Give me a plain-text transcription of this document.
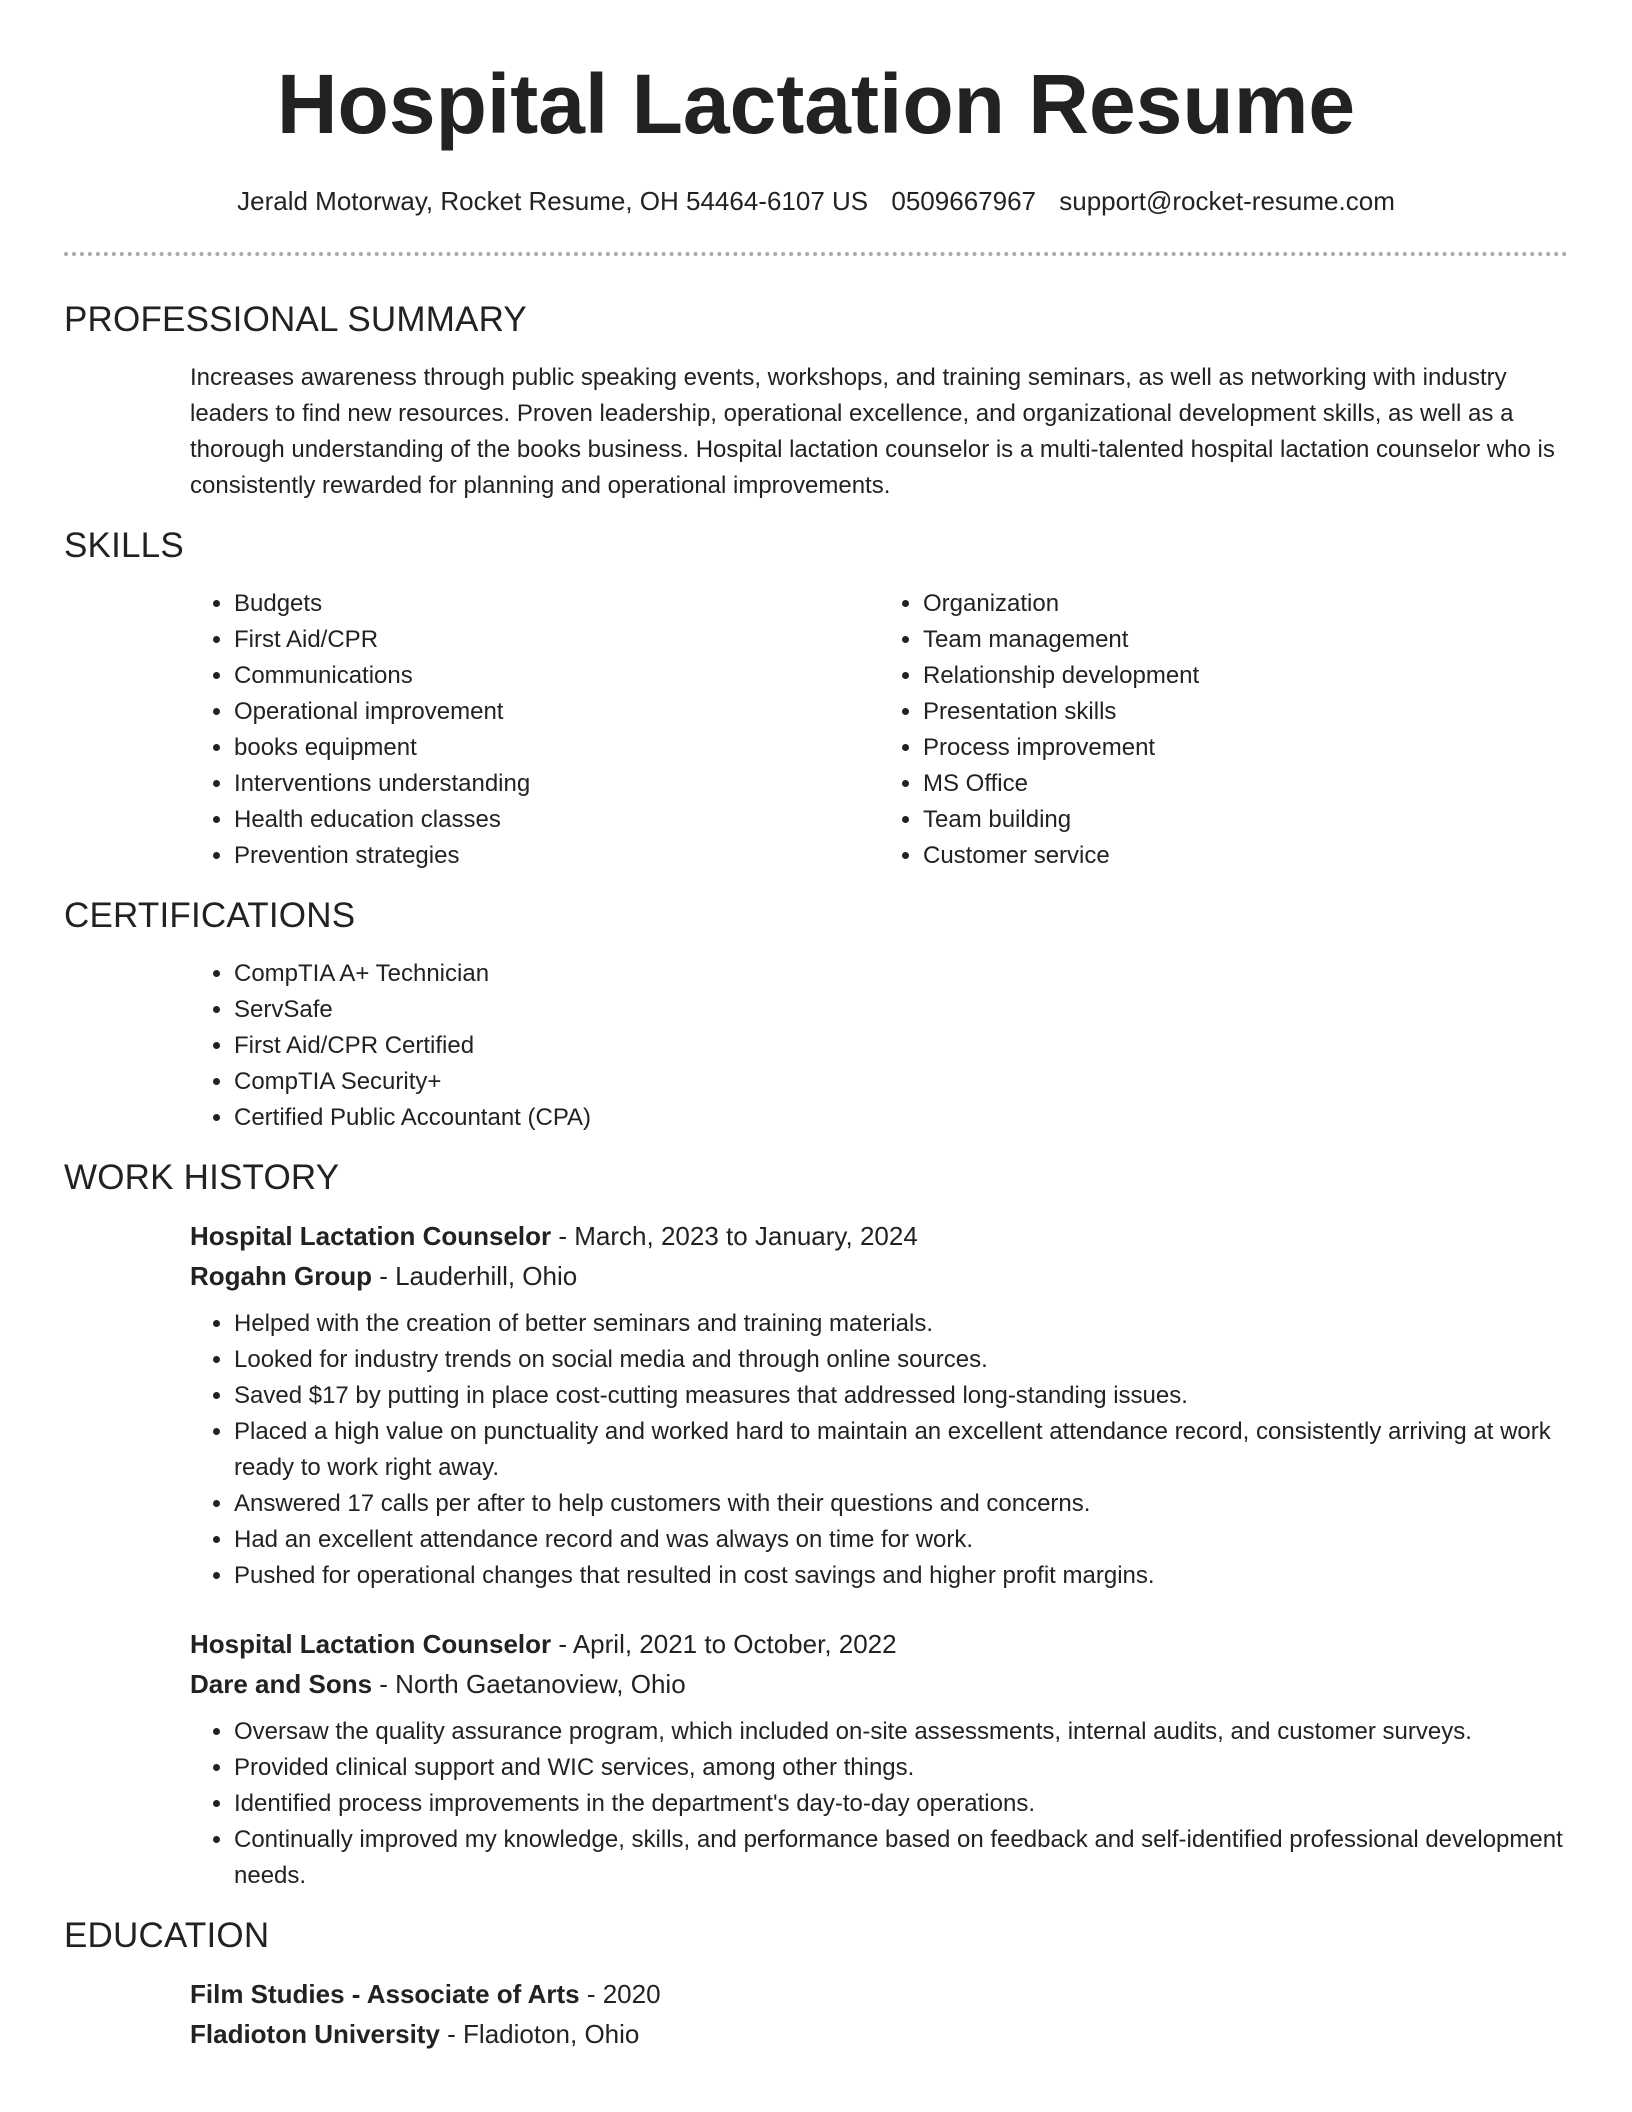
Hospital Lactation Resume
Jerald Motorway, Rocket Resume, OH 54464-6107 US 0509667967 support@rocket-resume.com
PROFESSIONAL SUMMARY
Increases awareness through public speaking events, workshops, and training seminars, as well as networking with industry leaders to find new resources. Proven leadership, operational excellence, and organizational development skills, as well as a thorough understanding of the books business. Hospital lactation counselor is a multi-talented hospital lactation counselor who is consistently rewarded for planning and operational improvements.
SKILLS
• Budgets
• First Aid/CPR
• Communications
• Operational improvement
• books equipment
• Interventions understanding
• Health education classes
• Prevention strategies
• Organization
• Team management
• Relationship development
• Presentation skills
• Process improvement
• MS Office
• Team building
• Customer service
CERTIFICATIONS
• CompTIA A+ Technician
• ServSafe
• First Aid/CPR Certified
• CompTIA Security+
• Certified Public Accountant (CPA)
WORK HISTORY
Hospital Lactation Counselor - March, 2023 to January, 2024
Rogahn Group - Lauderhill, Ohio
• Helped with the creation of better seminars and training materials.
• Looked for industry trends on social media and through online sources.
• Saved $17 by putting in place cost-cutting measures that addressed long-standing issues.
• Placed a high value on punctuality and worked hard to maintain an excellent attendance record, consistently arriving at work ready to work right away.
• Answered 17 calls per after to help customers with their questions and concerns.
• Had an excellent attendance record and was always on time for work.
• Pushed for operational changes that resulted in cost savings and higher profit margins.
Hospital Lactation Counselor - April, 2021 to October, 2022
Dare and Sons - North Gaetanoview, Ohio
• Oversaw the quality assurance program, which included on-site assessments, internal audits, and customer surveys.
• Provided clinical support and WIC services, among other things.
• Identified process improvements in the department's day-to-day operations.
• Continually improved my knowledge, skills, and performance based on feedback and self-identified professional development needs.
EDUCATION
Film Studies - Associate of Arts - 2020
Fladioton University - Fladioton, Ohio
